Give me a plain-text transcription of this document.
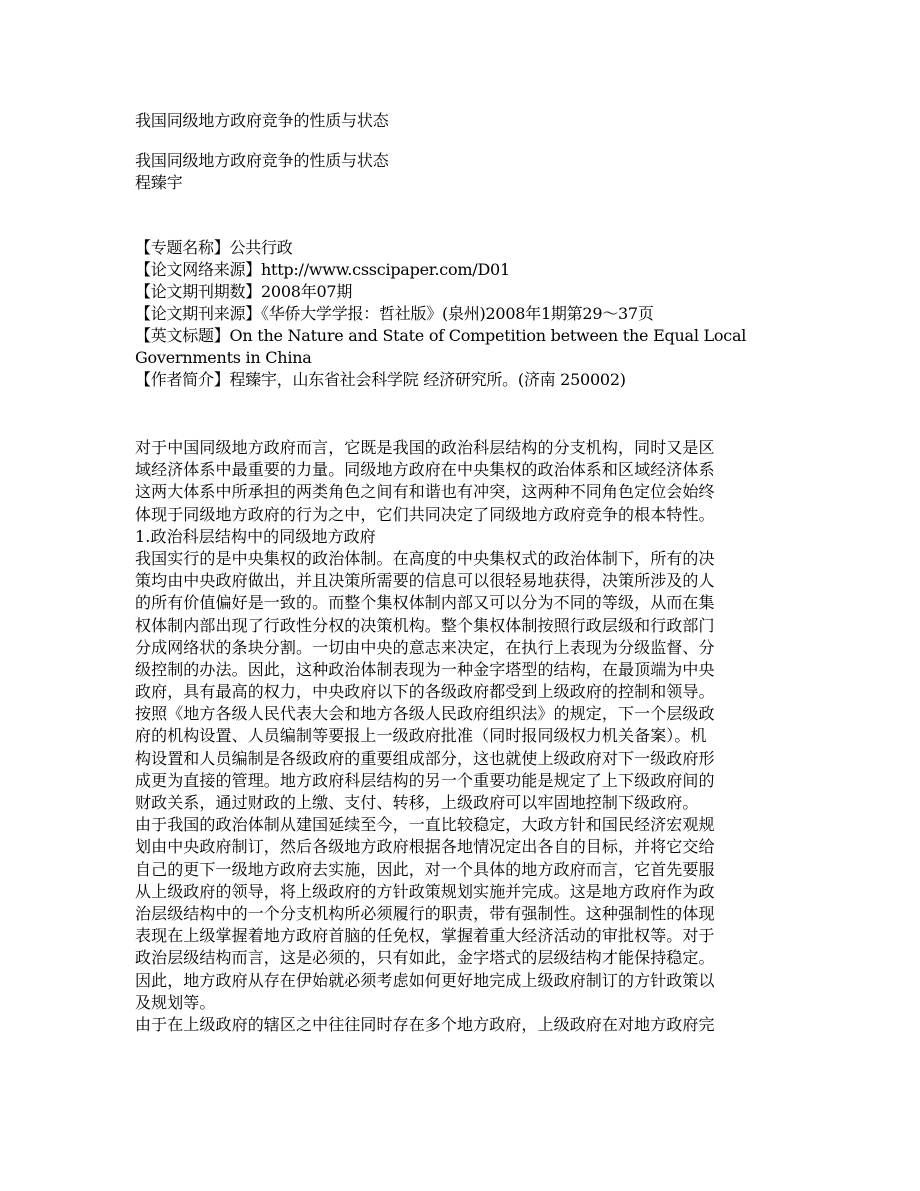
我国同级地方政府竞争的性质与状态
我国同级地方政府竞争的性质与状态
程臻宇
【专题名称】公共行政
【论文网络来源】http://www.csscipaper.com/D01
【论文期刊期数】2008年07期
【论文期刊来源】《华侨大学学报：哲社版》(泉州)2008年1期第29～37页
【英文标题】On the Nature and State of Competition between the Equal Local
Governments in China
【作者简介】程臻宇，山东省社会科学院 经济研究所。(济南 250002)
对于中国同级地方政府而言，它既是我国的政治科层结构的分支机构，同时又是区
域经济体系中最重要的力量。同级地方政府在中央集权的政治体系和区域经济体系
这两大体系中所承担的两类角色之间有和谐也有冲突，这两种不同角色定位会始终
体现于同级地方政府的行为之中，它们共同决定了同级地方政府竞争的根本特性。
1.政治科层结构中的同级地方政府
我国实行的是中央集权的政治体制。在高度的中央集权式的政治体制下，所有的决
策均由中央政府做出，并且决策所需要的信息可以很轻易地获得，决策所涉及的人
的所有价值偏好是一致的。而整个集权体制内部又可以分为不同的等级，从而在集
权体制内部出现了行政性分权的决策机构。整个集权体制按照行政层级和行政部门
分成网络状的条块分割。一切由中央的意志来决定，在执行上表现为分级监督、分
级控制的办法。因此，这种政治体制表现为一种金字塔型的结构，在最顶端为中央
政府，具有最高的权力，中央政府以下的各级政府都受到上级政府的控制和领导。
按照《地方各级人民代表大会和地方各级人民政府组织法》的规定，下一个层级政
府的机构设置、人员编制等要报上一级政府批准（同时报同级权力机关备案）。机
构设置和人员编制是各级政府的重要组成部分，这也就使上级政府对下一级政府形
成更为直接的管理。地方政府科层结构的另一个重要功能是规定了上下级政府间的
财政关系，通过财政的上缴、支付、转移，上级政府可以牢固地控制下级政府。
由于我国的政治体制从建国延续至今，一直比较稳定，大政方针和国民经济宏观规
划由中央政府制订，然后各级地方政府根据各地情况定出各自的目标，并将它交给
自己的更下一级地方政府去实施，因此，对一个具体的地方政府而言，它首先要服
从上级政府的领导，将上级政府的方针政策规划实施并完成。这是地方政府作为政
治层级结构中的一个分支机构所必须履行的职责，带有强制性。这种强制性的体现
表现在上级掌握着地方政府首脑的任免权，掌握着重大经济活动的审批权等。对于
政治层级结构而言，这是必须的，只有如此，金字塔式的层级结构才能保持稳定。
因此，地方政府从存在伊始就必须考虑如何更好地完成上级政府制订的方针政策以
及规划等。
由于在上级政府的辖区之中往往同时存在多个地方政府，上级政府在对地方政府完
